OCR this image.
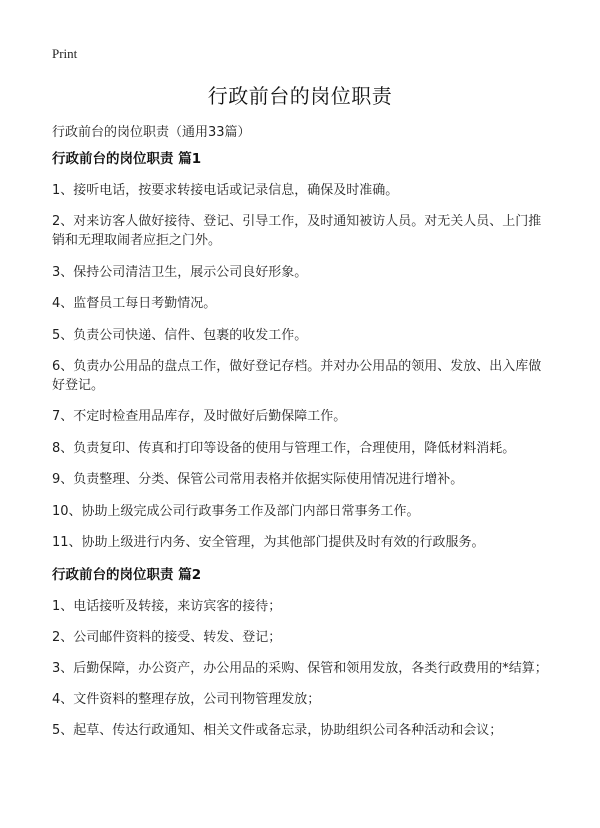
Print
行政前台的岗位职责

行政前台的岗位职责（通用33篇）

行政前台的岗位职责 篇1
1、接听电话，按要求转接电话或记录信息，确保及时准确。
2、对来访客人做好接待、登记、引导工作，及时通知被访人员。对无关人员、上门推销和无理取闹者应拒之门外。
3、保持公司清洁卫生，展示公司良好形象。
4、监督员工每日考勤情况。
5、负责公司快递、信件、包裹的收发工作。
6、负责办公用品的盘点工作，做好登记存档。并对办公用品的领用、发放、出入库做好登记。
7、不定时检查用品库存，及时做好后勤保障工作。
8、负责复印、传真和打印等设备的使用与管理工作，合理使用，降低材料消耗。
9、负责整理、分类、保管公司常用表格并依据实际使用情况进行增补。
10、协助上级完成公司行政事务工作及部门内部日常事务工作。
11、协助上级进行内务、安全管理，为其他部门提供及时有效的行政服务。
行政前台的岗位职责 篇2
1、电话接听及转接，来访宾客的接待；
2、公司邮件资料的接受、转发、登记；
3、后勤保障，办公资产，办公用品的采购、保管和领用发放，各类行政费用的*结算；
4、文件资料的整理存放，公司刊物管理发放；
5、起草、传达行政通知、相关文件或备忘录，协助组织公司各种活动和会议；
